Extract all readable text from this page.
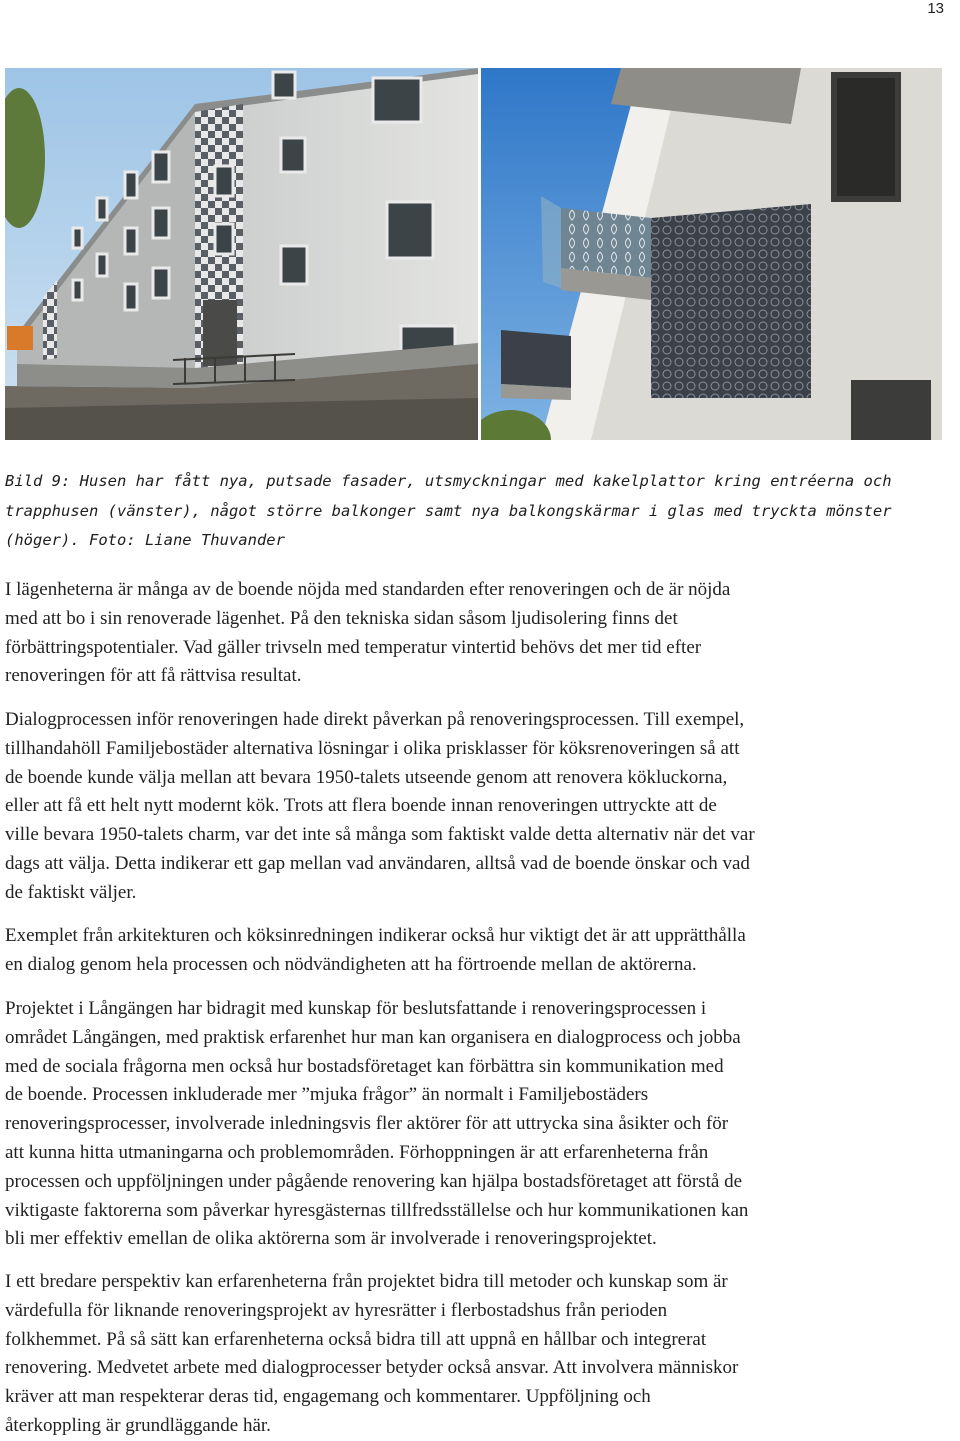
13
Bild 9: Husen har fått nya, putsade fasader, utsmyckningar med kakelplattor kring entréerna och
trapphusen (vänster), något större balkonger samt nya balkongskärmar i glas med tryckta mönster
(höger). Foto: Liane Thuvander

I lägenheterna är många av de boende nöjda med standarden efter renoveringen och de är nöjda
med att bo i sin renoverade lägenhet. På den tekniska sidan såsom ljudisolering finns det
förbättringspotentialer. Vad gäller trivseln med temperatur vintertid behövs det mer tid efter
renoveringen för att få rättvisa resultat.

Dialogprocessen inför renoveringen hade direkt påverkan på renoveringsprocessen. Till exempel,
tillhandahöll Familjebostäder alternativa lösningar i olika prisklasser för köksrenoveringen så att
de boende kunde välja mellan att bevara 1950-talets utseende genom att renovera kökluckorna,
eller att få ett helt nytt modernt kök. Trots att flera boende innan renoveringen uttryckte att de
ville bevara 1950-talets charm, var det inte så många som faktiskt valde detta alternativ när det var
dags att välja. Detta indikerar ett gap mellan vad användaren, alltså vad de boende önskar och vad
de faktiskt väljer.

Exemplet från arkitekturen och köksinredningen indikerar också hur viktigt det är att upprätthålla
en dialog genom hela processen och nödvändigheten att ha förtroende mellan de aktörerna.

Projektet i Långängen har bidragit med kunskap för beslutsfattande i renoveringsprocessen i
området Långängen, med praktisk erfarenhet hur man kan organisera en dialogprocess och jobba
med de sociala frågorna men också hur bostadsföretaget kan förbättra sin kommunikation med
de boende. Processen inkluderade mer ”mjuka frågor” än normalt i Familjebostäders
renoveringsprocesser, involverade inledningsvis fler aktörer för att uttrycka sina åsikter och för
att kunna hitta utmaningarna och problemområden. Förhoppningen är att erfarenheterna från
processen och uppföljningen under pågående renovering kan hjälpa bostadsföretaget att förstå de
viktigaste faktorerna som påverkar hyresgästernas tillfredsställelse och hur kommunikationen kan
bli mer effektiv emellan de olika aktörerna som är involverade i renoveringsprojektet.

I ett bredare perspektiv kan erfarenheterna från projektet bidra till metoder och kunskap som är
värdefulla för liknande renoveringsprojekt av hyresrätter i flerbostadshus från perioden
folkhemmet. På så sätt kan erfarenheterna också bidra till att uppnå en hållbar och integrerat
renovering. Medvetet arbete med dialogprocesser betyder också ansvar. Att involvera människor
kräver att man respekterar deras tid, engagemang och kommentarer. Uppföljning och
återkoppling är grundläggande här.
